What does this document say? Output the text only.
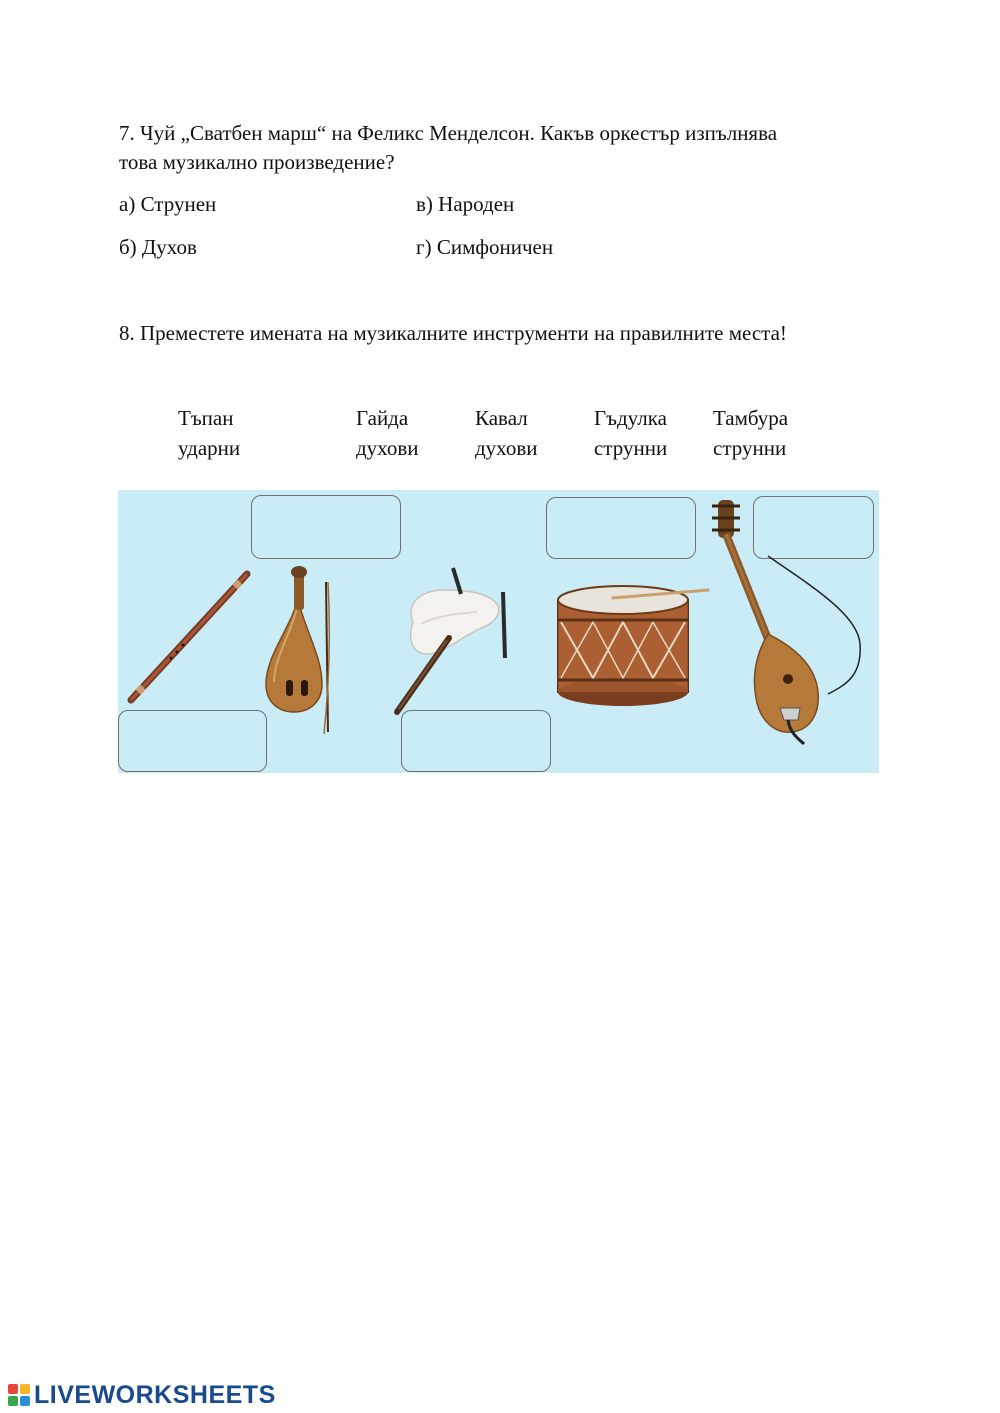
7. Чуй „Сватбен марш“ на Феликс Менделсон. Какъв оркестър изпълнява
това музикално произведение?
а) Струнен	в) Народен
б) Духов	г) Симфоничен
8. Преместете имената на музикалните инструменти на правилните места!
Тъпан
ударни
Гайда
духови
Кавал
духови
Гъдулка
струнни
Тамбура
струнни
LIVEWORKSHEETS
